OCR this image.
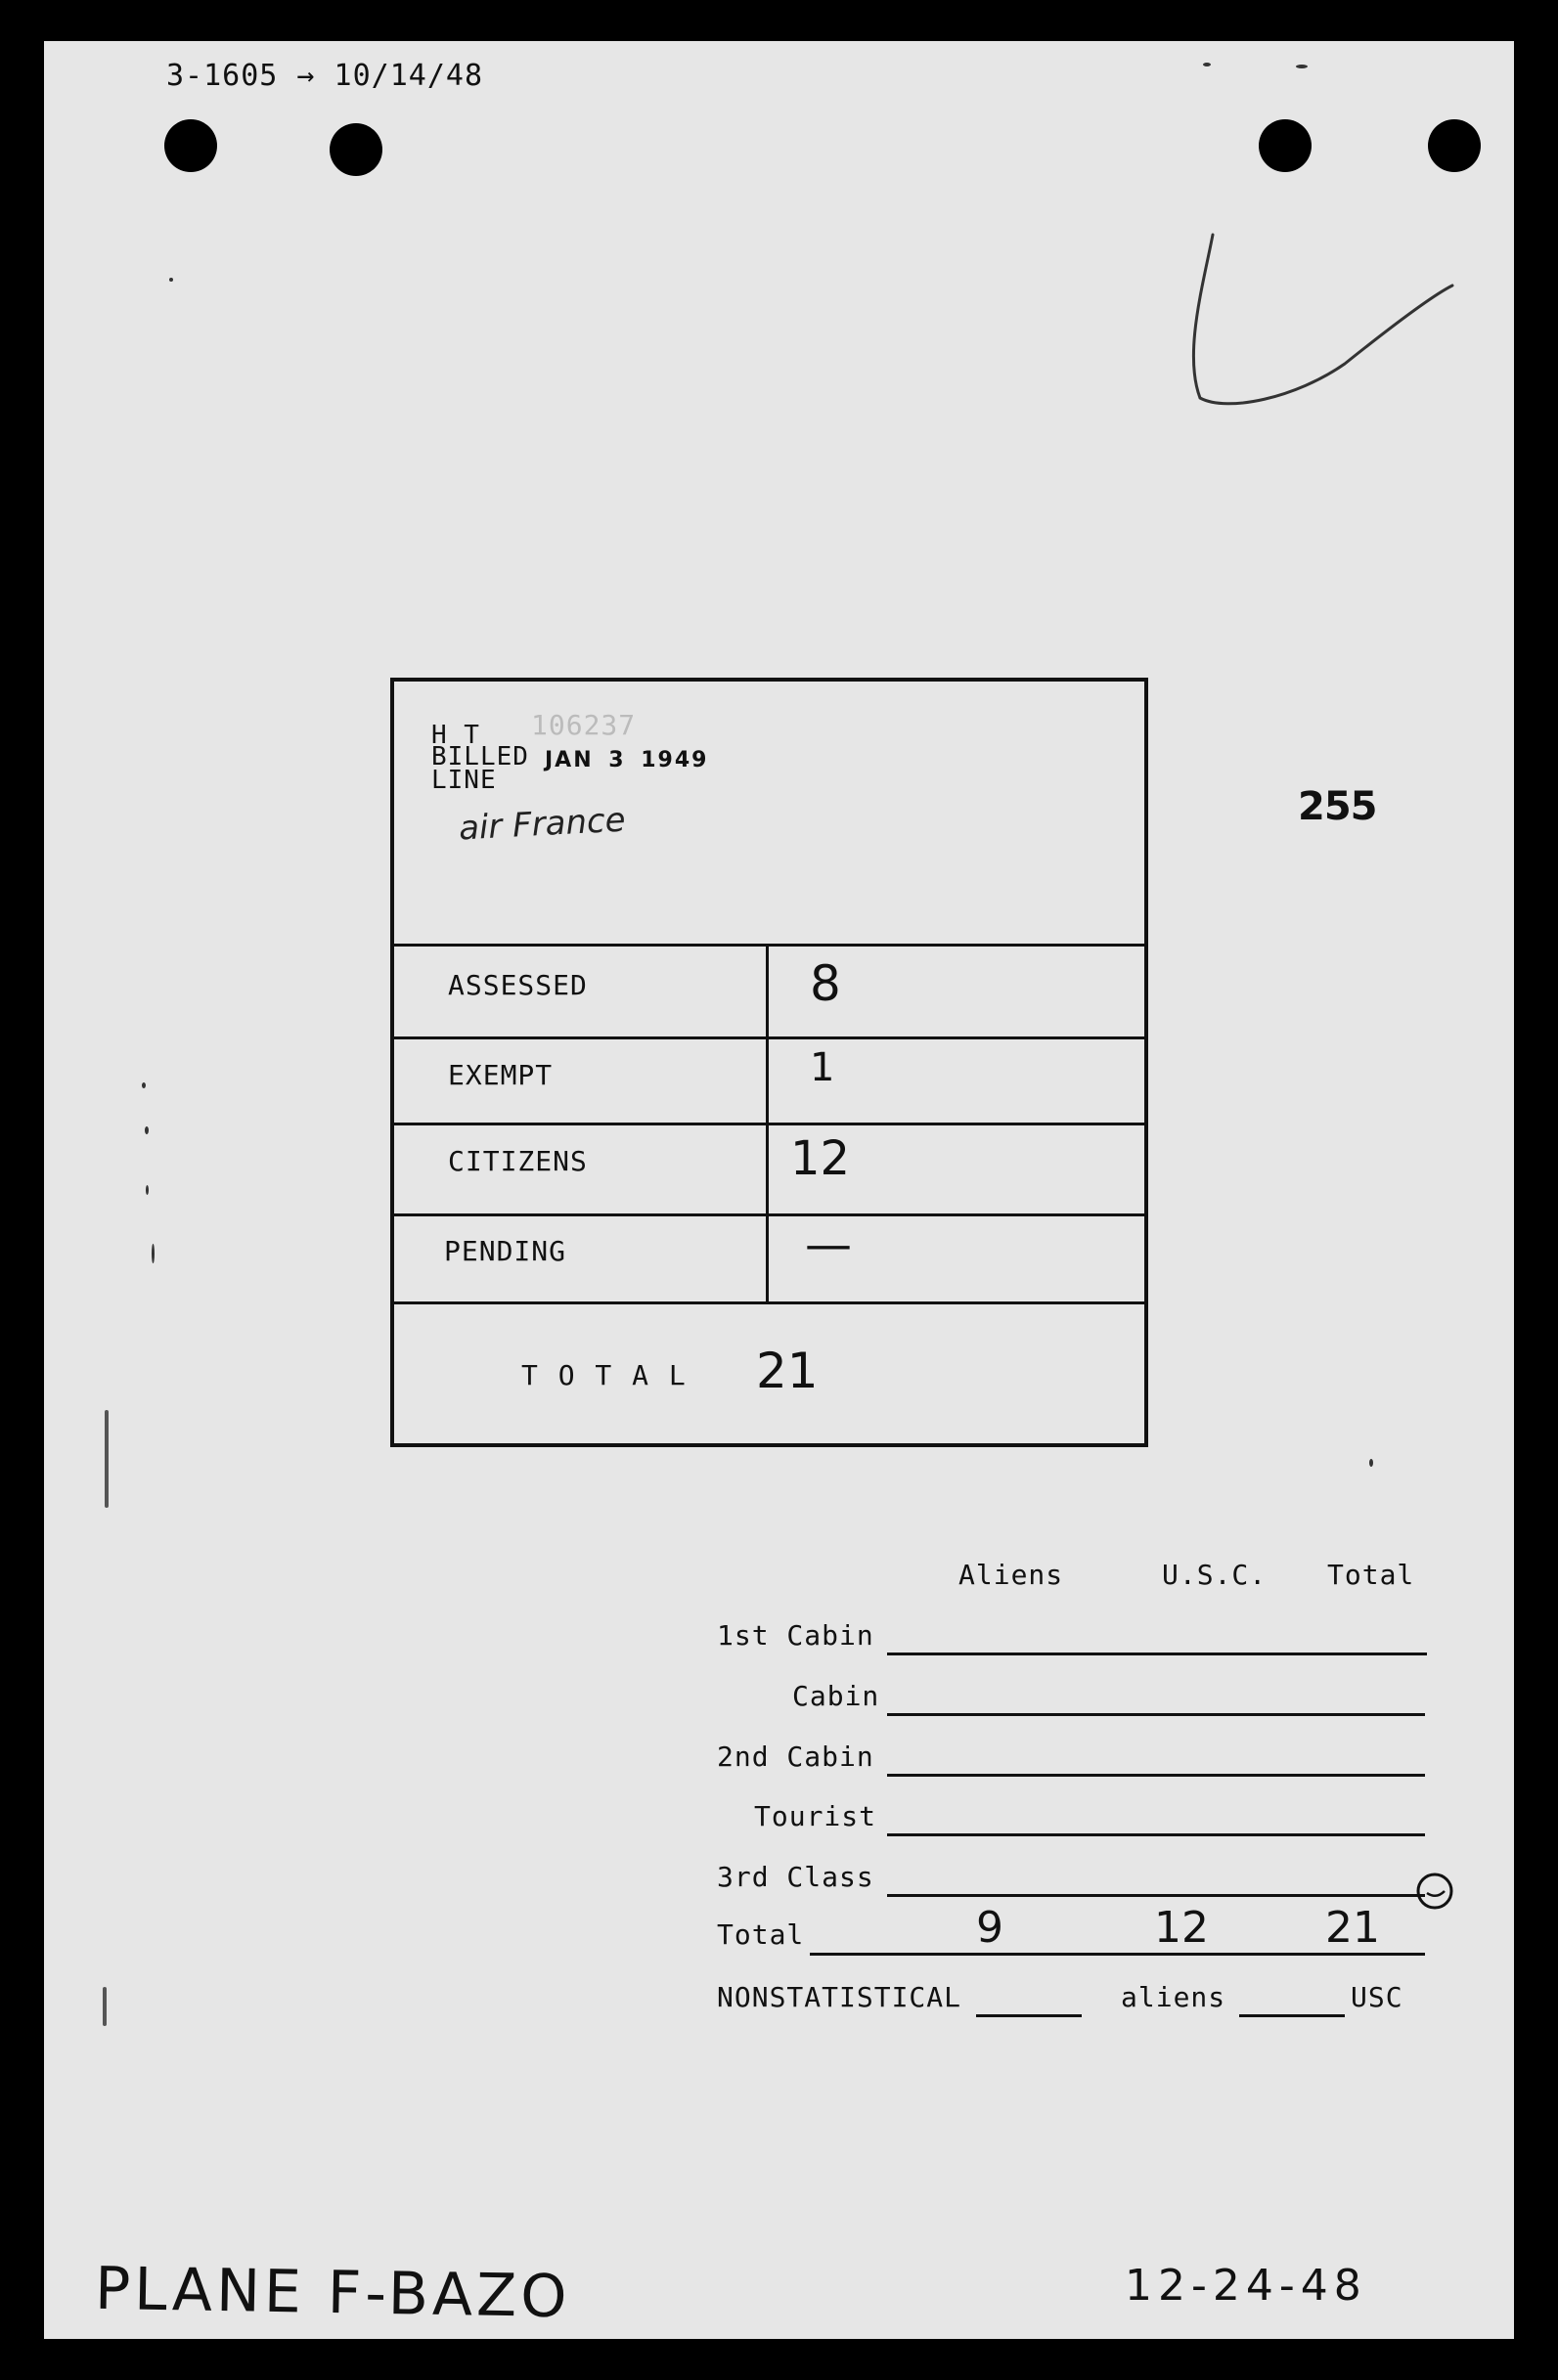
3-1605 → 10/14/48
255
H T 106237
BILLED JAN 3 1949
LINE
air France
ASSESSED	8
EXEMPT	1
CITIZENS	12
PENDING	—
T O T A L 21
Aliens	U.S.C. Total
1st Cabin
Cabin
2nd Cabin
Tourist
3rd Class
Total	9	12	21
NONSTATISTICAL	aliens	USC
PLANE F-BAZO	12-24-48
